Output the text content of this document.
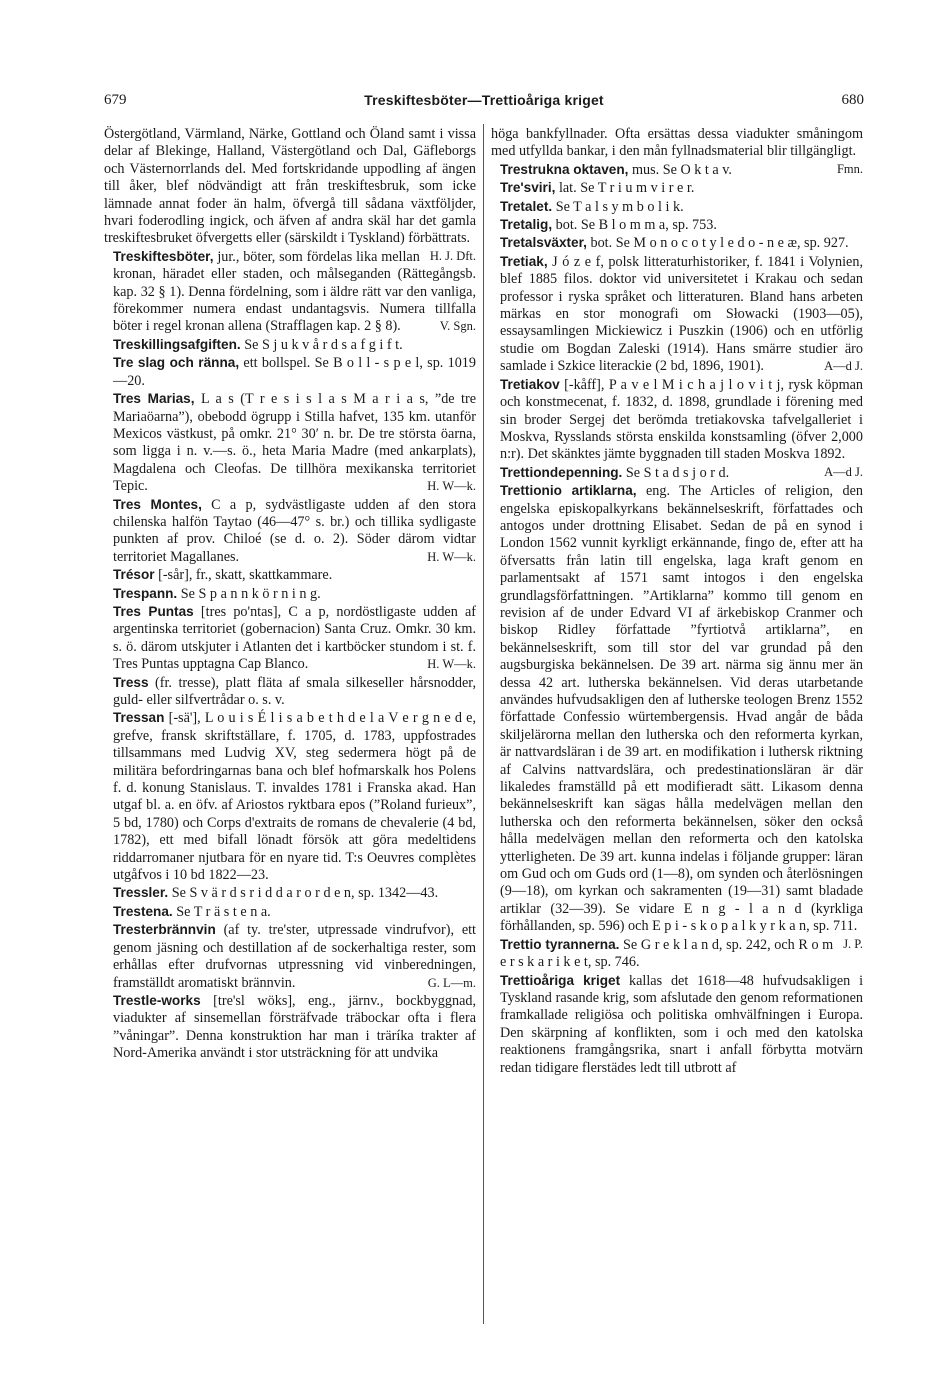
679	Treskiftesböter—Trettioåriga kriget	680

Östergötland, Värmland, Närke, Gottland och Öland samt i vissa delar af Blekinge, Halland, Västergötland och Dal, Gäfleborgs och Västernorrlands del. Med fortskridande uppodling af ängen till åker, blef nödvändigt att från treskiftesbruk, som icke lämnade annat foder än halm, öfvergå till sådana växtföljder, hvari foderodling ingick, och äfven af andra skäl har det gamla treskiftesbruket öfvergetts eller (särskildt i Tyskland) förbättrats.
H. J. Dft.

Treskiftesböter, jur., böter, som fördelas lika mellan kronan, häradet eller staden, och målseganden (Rättegångsb. kap. 32 § 1). Denna fördelning, som i äldre rätt var den vanliga, förekommer numera endast undantagsvis. Numera tillfalla böter i regel kronan allena (Strafflagen kap. 2 § 8).	V. Sgn.

Treskillingsafgiften. Se S j u k v å r d s a f g i f t.

Tre slag och ränna, ett bollspel. Se B o l l - s p e l, sp. 1019—20.

Tres Marias, L a s (T r e s i s l a s M a r i a s, ”de tre Mariaöarna”), obebodd ögrupp i Stilla hafvet, 135 km. utanför Mexicos västkust, på omkr. 21° 30′ n. br. De tre största öarna, som ligga i n. v.—s. ö., heta Maria Madre (med ankarplats), Magdalena och Cleofas. De tillhöra mexikanska territoriet Tepic.	H. W—k.

Tres Montes, C a p, sydvästligaste udden af den stora chilenska halfön Taytao (46—47° s. br.) och tillika sydligaste punkten af prov. Chiloé (se d. o. 2). Söder därom vidtar territoriet Magallanes.	H. W—k.

Trésor [-sår], fr., skatt, skattkammare.

Trespann. Se S p a n n k ö r n i n g.

Tres Puntas [tres po'ntas], C a p, nordöstligaste udden af argentinska territoriet (gobernacion) Santa Cruz. Omkr. 30 km. s. ö. därom utskjuter i Atlanten det i kartböcker stundom i st. f. Tres Puntas upptagna Cap Blanco.	H. W—k.

Tress (fr. tresse), platt fläta af smala silkeseller hårsnodder, guld- eller silfvertrådar o. s. v.

Tressan [-sä'], L o u i s É l i s a b e t h d e l a V e r g n e d e, grefve, fransk skriftställare, f. 1705, d. 1783, uppfostrades tillsammans med Ludvig XV, steg sedermera högt på de militära befordringarnas bana och blef hofmarskalk hos Polens f. d. konung Stanislaus. T. invaldes 1781 i Franska akad. Han utgaf bl. a. en öfv. af Ariostos ryktbara epos (”Roland furieux”, 5 bd, 1780) och Corps d'extraits de romans de chevalerie (4 bd, 1782), ett med bifall lönadt försök att göra medeltidens riddarromaner njutbara för en nyare tid. T:s Oeuvres complètes utgåfvos i 10 bd 1822—23.

Tressler. Se S v ä r d s r i d d a r o r d e n, sp. 1342—43.

Trestena. Se T r ä s t e n a.

Tresterbrännvin (af ty. tre'ster, utpressade vindrufvor), ett genom jäsning och destillation af de sockerhaltiga rester, som erhållas efter drufvornas utpressning vid vinberedningen, framställdt aromatiskt brännvin.	G. L—m.

Trestle-works [tre'sl wöks], eng., järnv., bockbyggnad, viadukter af sinsemellan försträfvade träbockar ofta i flera ”våningar”. Denna konstruktion har man i träríka trakter af Nord-Amerika användt i stor utsträckning för att undvika

höga bankfyllnader. Ofta ersättas dessa viadukter småningom med utfyllda bankar, i den mån fyllnadsmaterial blir tillgängligt.
Fmn.

Trestrukna oktaven, mus. Se O k t a v.

Tre'sviri, lat. Se T r i u m v i r e r.

Tretalet. Se T a l s y m b o l i k.

Tretalig, bot. Se B l o m m a, sp. 753.

Tretalsväxter, bot. Se M o n o c o t y l e d o - n e æ, sp. 927.

Tretiak, J ó z e f, polsk litteraturhistoriker, f. 1841 i Volynien, blef 1885 filos. doktor vid universitetet i Krakau och sedan professor i ryska språket och litteraturen. Bland hans arbeten märkas en stor monografi om Słowacki (1903—05), essaysamlingen Mickiewicz i Puszkin (1906) och en utförlig studie om Bogdan Zaleski (1914). Hans smärre studier äro samlade i Szkice literackie (2 bd, 1896, 1901).	A—d J.

Tretiakov [-kåff], P a v e l M i c h a j l o v i t j, rysk köpman och konstmecenat, f. 1832, d. 1898, grundlade i förening med sin broder Sergej det berömda tretiakovska tafvelgalleriet i Moskva, Rysslands största enskilda konstsamling (öfver 2,000 n:r). Det skänktes jämte byggnaden till staden Moskva 1892.
A—d J.

Trettiondepenning. Se S t a d s j o r d.

Trettionio artiklarna, eng. The Articles of religion, den engelska episkopalkyrkans bekännelseskrift, författades och antogos under drottning Elisabet. Sedan de på en synod i London 1562 vunnit kyrkligt erkännande, fingo de, efter att ha öfversatts från latin till engelska, laga kraft genom en parlamentsakt af 1571 samt intogos i den engelska grundlagsförfattningen. ”Artiklarna” kommo till genom en revision af de under Edvard VI af ärkebiskop Cranmer och biskop Ridley författade ”fyrtiotvå artiklarna”, en bekännelseskrift, som till stor del var grundad på den augsburgiska bekännelsen. De 39 art. närma sig ännu mer än dessa 42 art. lutherska bekännelsen. Vid deras utarbetande användes hufvudsakligen den af lutherske teologen Brenz 1552 författade Confessio würtembergensis. Hvad angår de båda skiljelärorna mellan den lutherska och den reformerta kyrkan, är nattvardsläran i de 39 art. en modifikation i luthersk riktning af Calvins nattvardslära, och predestinationsläran är där likaledes framställd på ett modifieradt sätt. Likasom denna bekännelseskrift kan sägas hålla medelvägen mellan den lutherska och den reformerta bekännelsen, söker den också hålla medelvägen mellan den reformerta och den katolska ytterligheten. De 39 art. kunna indelas i följande grupper: läran om Gud och om Guds ord (1—8), om synden och återlösningen (9—18), om kyrkan och sakramenten (19—31) samt bladade artiklar (32—39). Se vidare E n g - l a n d (kyrkliga förhållanden, sp. 596) och E p i - s k o p a l k y r k a n, sp. 711.
J. P.

Trettio tyrannerna. Se G r e k l a n d, sp. 242, och R o m e r s k a r i k e t, sp. 746.

Trettioåriga kriget kallas det 1618—48 hufvudsakligen i Tyskland rasande krig, som afslutade den genom reformationen framkallade religiösa och politiska omhvälfningen i Europa. Den skärpning af konflikten, som i och med den katolska reaktionens framgångsrika, snart i anfall förbytta motvärn redan tidigare flerstädes ledt till utbrott af
